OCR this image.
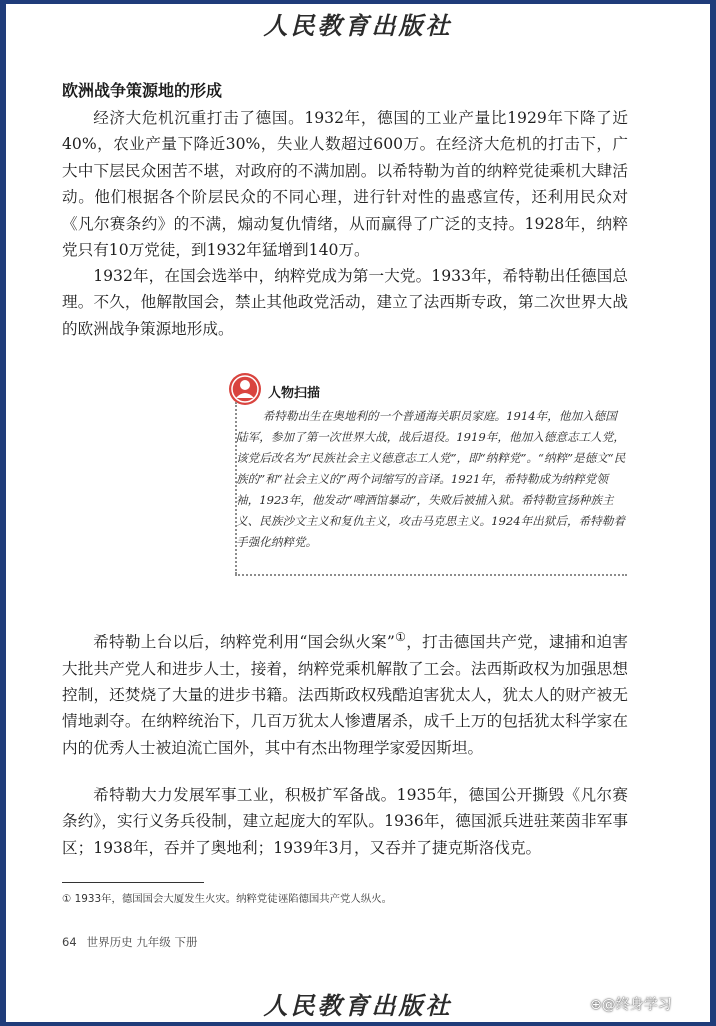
人民教育出版社
欧洲战争策源地的形成

经济大危机沉重打击了德国。1932年，德国的工业产量比1929年下降了近40%，农业产量下降近30%，失业人数超过600万。在经济大危机的打击下，广大中下层民众困苦不堪，对政府的不满加剧。以希特勒为首的纳粹党徒乘机大肆活动。他们根据各个阶层民众的不同心理，进行针对性的蛊惑宣传，还利用民众对《凡尔赛条约》的不满，煽动复仇情绪，从而赢得了广泛的支持。1928年，纳粹党只有10万党徒，到1932年猛增到140万。

1932年，在国会选举中，纳粹党成为第一大党。1933年，希特勒出任德国总理。不久，他解散国会，禁止其他政党活动，建立了法西斯专政，第二次世界大战的欧洲战争策源地形成。

人物扫描

希特勒出生在奥地利的一个普通海关职员家庭。1914年，他加入德国陆军，参加了第一次世界大战，战后退役。1919年，他加入德意志工人党，该党后改名为“民族社会主义德意志工人党”，即“纳粹党”。“纳粹”是德文“民族的”和“社会主义的”两个词缩写的音译。1921年，希特勒成为纳粹党领袖，1923年，他发动“啤酒馆暴动”，失败后被捕入狱。希特勒宣扬种族主义、民族沙文主义和复仇主义，攻击马克思主义。1924年出狱后，希特勒着手强化纳粹党。

希特勒上台以后，纳粹党利用“国会纵火案”①，打击德国共产党，逮捕和迫害大批共产党人和进步人士，接着，纳粹党乘机解散了工会。法西斯政权为加强思想控制，还焚烧了大量的进步书籍。法西斯政权残酷迫害犹太人，犹太人的财产被无情地剥夺。在纳粹统治下，几百万犹太人惨遭屠杀，成千上万的包括犹太科学家在内的优秀人士被迫流亡国外，其中有杰出物理学家爱因斯坦。

希特勒大力发展军事工业，积极扩军备战。1935年，德国公开撕毁《凡尔赛条约》，实行义务兵役制，建立起庞大的军队。1936年，德国派兵进驻莱茵非军事区；1938年，吞并了奥地利；1939年3月，又吞并了捷克斯洛伐克。

① 1933年，德国国会大厦发生火灾。纳粹党徒诬陷德国共产党人纵火。
64 世界历史 九年级 下册
人民教育出版社	⊕@终身学习
